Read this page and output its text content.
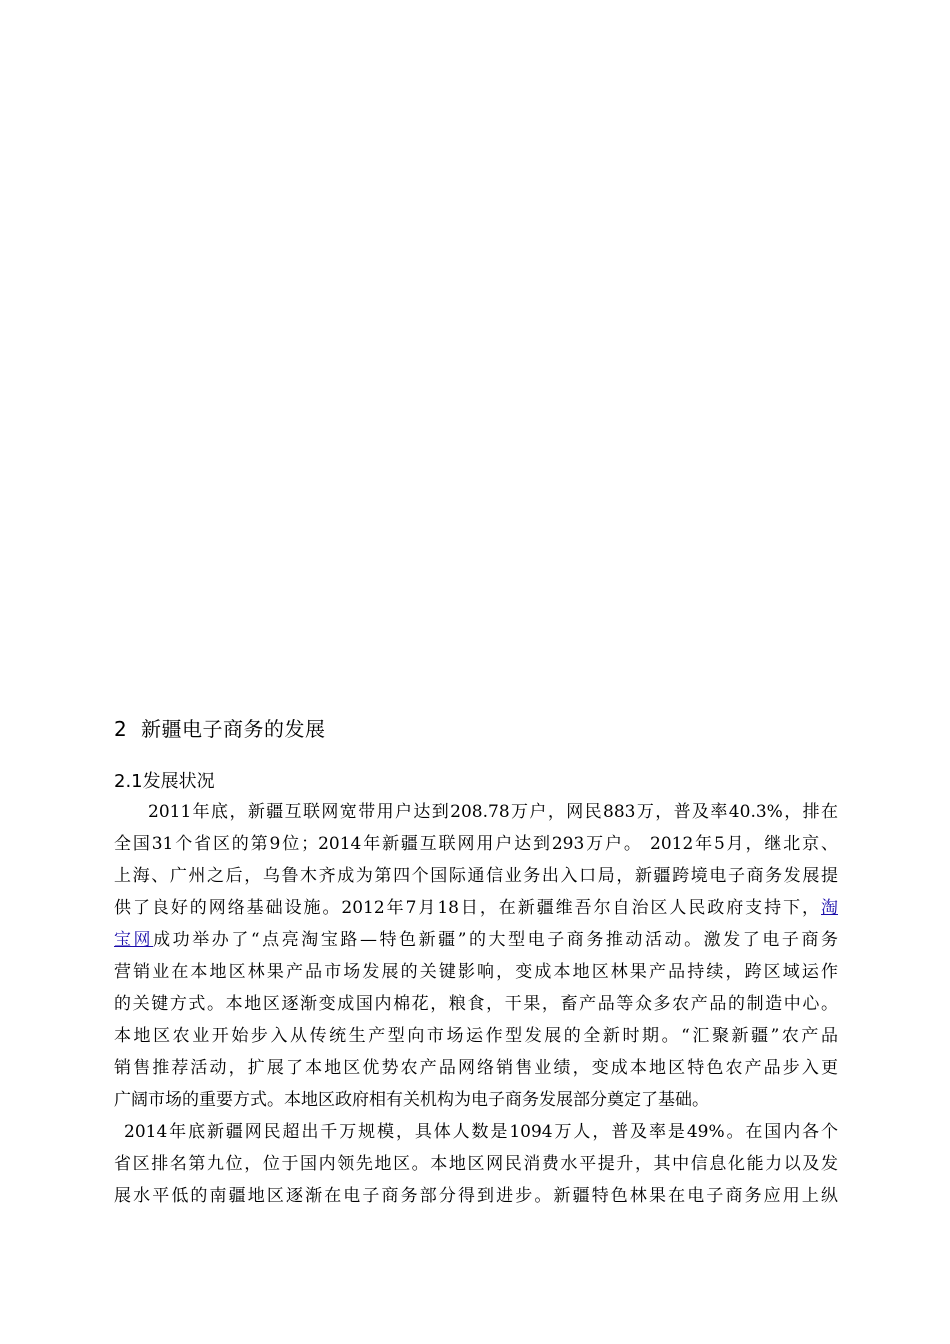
2 新疆电子商务的发展
2.1发展状况
2011年底，新疆互联网宽带用户达到208.78万户，网民883万，普及率40.3%，排在
全国31个省区的第9位；2014年新疆互联网用户达到293万户。 2012年5月，继北京、
上海、广州之后，乌鲁木齐成为第四个国际通信业务出入口局，新疆跨境电子商务发展提
供了良好的网络基础设施。2012年7月18日，在新疆维吾尔自治区人民政府支持下，淘
宝网成功举办了“点亮淘宝路—特色新疆”的大型电子商务推动活动。激发了电子商务
营销业在本地区林果产品市场发展的关键影响，变成本地区林果产品持续，跨区域运作
的关键方式。本地区逐渐变成国内棉花，粮食，干果，畜产品等众多农产品的制造中心。
本地区农业开始步入从传统生产型向市场运作型发展的全新时期。“汇聚新疆”农产品
销售推荐活动，扩展了本地区优势农产品网络销售业绩，变成本地区特色农产品步入更
广阔市场的重要方式。本地区政府相有关机构为电子商务发展部分奠定了基础。
2014年底新疆网民超出千万规模，具体人数是1094万人，普及率是49%。在国内各个
省区排名第九位，位于国内领先地区。本地区网民消费水平提升，其中信息化能力以及发
展水平低的南疆地区逐渐在电子商务部分得到进步。新疆特色林果在电子商务应用上纵
